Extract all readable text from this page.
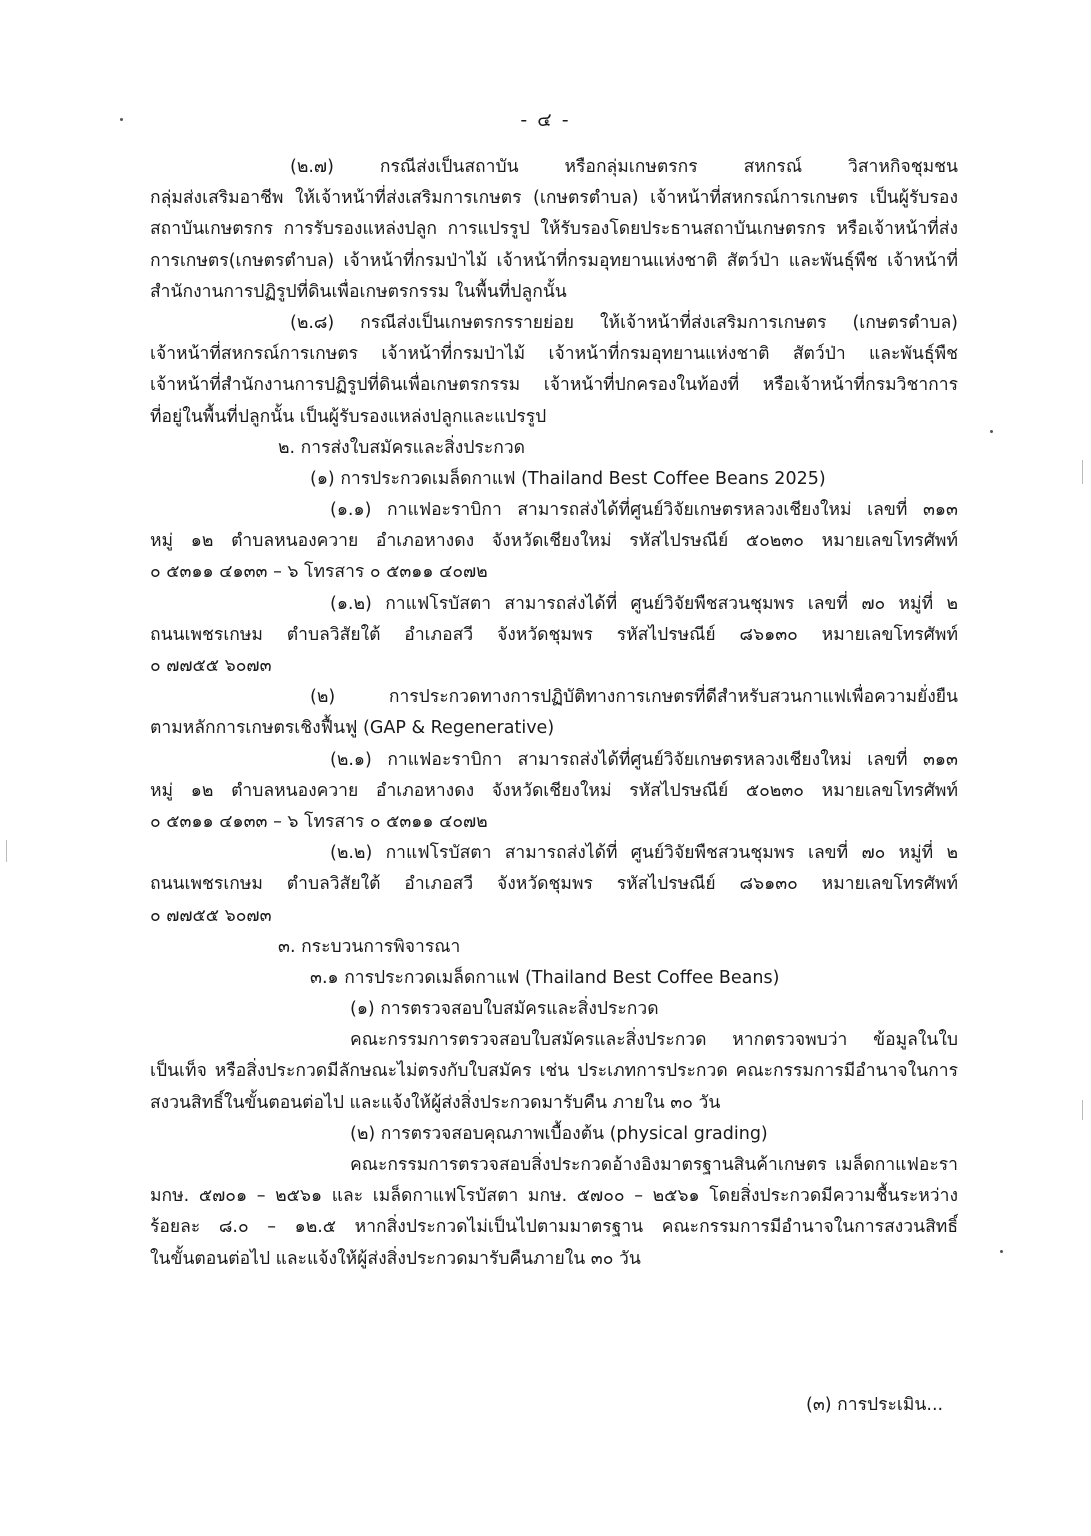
- ๔ -
(๒.๗) กรณีส่งเป็นสถาบัน หรือกลุ่มเกษตรกร สหกรณ์ วิสาหกิจชุมชน
กลุ่มส่งเสริมอาชีพ ให้เจ้าหน้าที่ส่งเสริมการเกษตร (เกษตรตำบล) เจ้าหน้าที่สหกรณ์การเกษตร เป็นผู้รับรอง
สถาบันเกษตรกร การรับรองแหล่งปลูก การแปรรูป ให้รับรองโดยประธานสถาบันเกษตรกร หรือเจ้าหน้าที่ส่ง
การเกษตร(เกษตรตำบล) เจ้าหน้าที่กรมป่าไม้ เจ้าหน้าที่กรมอุทยานแห่งชาติ สัตว์ป่า และพันธุ์พืช เจ้าหน้าที่
สำนักงานการปฏิรูปที่ดินเพื่อเกษตรกรรม ในพื้นที่ปลูกนั้น
(๒.๘) กรณีส่งเป็นเกษตรกรรายย่อย ให้เจ้าหน้าที่ส่งเสริมการเกษตร (เกษตรตำบล)
เจ้าหน้าที่สหกรณ์การเกษตร เจ้าหน้าที่กรมป่าไม้ เจ้าหน้าที่กรมอุทยานแห่งชาติ สัตว์ป่า และพันธุ์พืช
เจ้าหน้าที่สำนักงานการปฏิรูปที่ดินเพื่อเกษตรกรรม เจ้าหน้าที่ปกครองในท้องที่ หรือเจ้าหน้าที่กรมวิชาการ
ที่อยู่ในพื้นที่ปลูกนั้น เป็นผู้รับรองแหล่งปลูกและแปรรูป
๒. การส่งใบสมัครและสิ่งประกวด
(๑) การประกวดเมล็ดกาแฟ (Thailand Best Coffee Beans 2025)
(๑.๑) กาแฟอะราบิกา สามารถส่งได้ที่ศูนย์วิจัยเกษตรหลวงเชียงใหม่ เลขที่ ๓๑๓
หมู่ ๑๒ ตำบลหนองควาย อำเภอหางดง จังหวัดเชียงใหม่ รหัสไปรษณีย์ ๕๐๒๓๐ หมายเลขโทรศัพท์
๐ ๕๓๑๑ ๔๑๓๓ – ๖ โทรสาร ๐ ๕๓๑๑ ๔๐๗๒
(๑.๒) กาแฟโรบัสตา สามารถส่งได้ที่ ศูนย์วิจัยพืชสวนชุมพร เลขที่ ๗๐ หมู่ที่ ๒
ถนนเพชรเกษม ตำบลวิสัยใต้ อำเภอสวี จังหวัดชุมพร รหัสไปรษณีย์ ๘๖๑๓๐ หมายเลขโทรศัพท์
๐ ๗๗๕๕ ๖๐๗๓
(๒) การประกวดทางการปฏิบัติทางการเกษตรที่ดีสำหรับสวนกาแฟเพื่อความยั่งยืน
ตามหลักการเกษตรเชิงฟื้นฟู (GAP & Regenerative)
(๒.๑) กาแฟอะราบิกา สามารถส่งได้ที่ศูนย์วิจัยเกษตรหลวงเชียงใหม่ เลขที่ ๓๑๓
หมู่ ๑๒ ตำบลหนองควาย อำเภอหางดง จังหวัดเชียงใหม่ รหัสไปรษณีย์ ๕๐๒๓๐ หมายเลขโทรศัพท์
๐ ๕๓๑๑ ๔๑๓๓ – ๖ โทรสาร ๐ ๕๓๑๑ ๔๐๗๒
(๒.๒) กาแฟโรบัสตา สามารถส่งได้ที่ ศูนย์วิจัยพืชสวนชุมพร เลขที่ ๗๐ หมู่ที่ ๒
ถนนเพชรเกษม ตำบลวิสัยใต้ อำเภอสวี จังหวัดชุมพร รหัสไปรษณีย์ ๘๖๑๓๐ หมายเลขโทรศัพท์
๐ ๗๗๕๕ ๖๐๗๓
๓. กระบวนการพิจารณา
๓.๑ การประกวดเมล็ดกาแฟ (Thailand Best Coffee Beans)
(๑) การตรวจสอบใบสมัครและสิ่งประกวด
คณะกรรมการตรวจสอบใบสมัครและสิ่งประกวด หากตรวจพบว่า ข้อมูลในใบ
เป็นเท็จ หรือสิ่งประกวดมีลักษณะไม่ตรงกับใบสมัคร เช่น ประเภทการประกวด คณะกรรมการมีอำนาจในการ
สงวนสิทธิ์ในขั้นตอนต่อไป และแจ้งให้ผู้ส่งสิ่งประกวดมารับคืน ภายใน ๓๐ วัน
(๒) การตรวจสอบคุณภาพเบื้องต้น (physical grading)
คณะกรรมการตรวจสอบสิ่งประกวดอ้างอิงมาตรฐานสินค้าเกษตร เมล็ดกาแฟอะรา
มกษ. ๕๗๐๑ – ๒๕๖๑ และ เมล็ดกาแฟโรบัสตา มกษ. ๕๗๐๐ – ๒๕๖๑ โดยสิ่งประกวดมีความชื้นระหว่าง
ร้อยละ ๘.๐ – ๑๒.๕ หากสิ่งประกวดไม่เป็นไปตามมาตรฐาน คณะกรรมการมีอำนาจในการสงวนสิทธิ์
ในขั้นตอนต่อไป และแจ้งให้ผู้ส่งสิ่งประกวดมารับคืนภายใน ๓๐ วัน
(๓) การประเมิน...
